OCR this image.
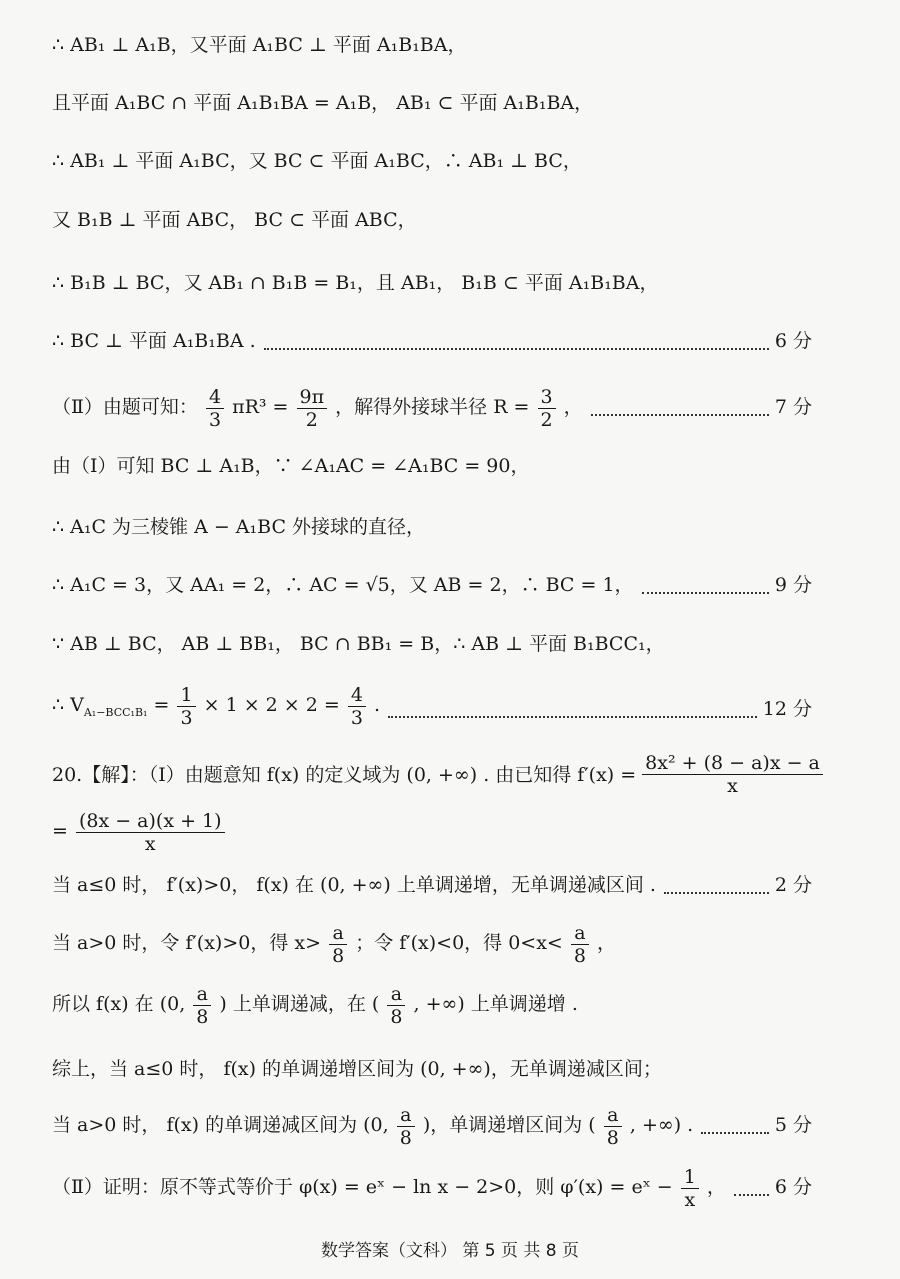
∴ AB₁ ⊥ A₁B，又平面 A₁BC ⊥ 平面 A₁B₁BA，
且平面 A₁BC ∩ 平面 A₁B₁BA = A₁B， AB₁ ⊂ 平面 A₁B₁BA，
∴ AB₁ ⊥ 平面 A₁BC，又 BC ⊂ 平面 A₁BC，∴ AB₁ ⊥ BC，
又 B₁B ⊥ 平面 ABC， BC ⊂ 平面 ABC，
∴ B₁B ⊥ BC，又 AB₁ ∩ B₁B = B₁，且 AB₁， B₁B ⊂ 平面 A₁B₁BA，
∴ BC ⊥ 平面 A₁B₁BA .	6 分
（Ⅱ）由题可知： $\frac{4}{3} \pi R^3 = \frac{9\pi}{2}$ ，解得外接球半径 $R = \frac{3}{2}$ ，	7 分
由（Ⅰ）可知 BC ⊥ A₁B，∵ ∠A₁AC = ∠A₁BC = 90，
∴ A₁C 为三棱锥 A − A₁BC 外接球的直径，
∴ A₁C = 3，又 AA₁ = 2，∴ AC = √5，又 AB = 2，∴ BC = 1，	9 分
∵ AB ⊥ BC， AB ⊥ BB₁， BC ∩ BB₁ = B，∴ AB ⊥ 平面 B₁BCC₁，
∴ $V_{A_1-BCC_1B_1} = \frac{1}{3} \times 1 \times 2 \times 2 = \frac{4}{3}$ .	12 分
20.【解】：（Ⅰ）由题意知 f(x) 的定义域为 (0, +∞) . 由已知得 $f'(x) = \frac{\text{8x² + (8 − a)x − a}}{x}$
= $\frac{(8x - a)(x + 1)}{x}$
当 a≤0 时， f′(x)>0， f(x) 在 (0, +∞) 上单调递增，无单调递减区间 .	2 分
当 a>0 时，令 f′(x)>0，得 $x> \frac{a}{8}$ ；令 f′(x)<0，得 $0<x< \frac{a}{8}$ ，
所以 f(x) 在 (0, $\frac{a}{8}$ ) 上单调递减，在 ( $\frac{a}{8}$ , +∞) 上单调递增 .
综上，当 a≤0 时， f(x) 的单调递增区间为 (0, +∞)，无单调递减区间；
当 a>0 时， f(x) 的单调递减区间为 (0, $\frac{a}{8}$ )，单调递增区间为 ( $\frac{a}{8}$ , +∞) .	5 分
（Ⅱ）证明：原不等式等价于 φ(x) = eˣ − ln x − 2>0，则 φ′(x) = eˣ − $\frac{1}{x}$ ，	6 分
数学答案（文科） 第 5 页 共 8 页
